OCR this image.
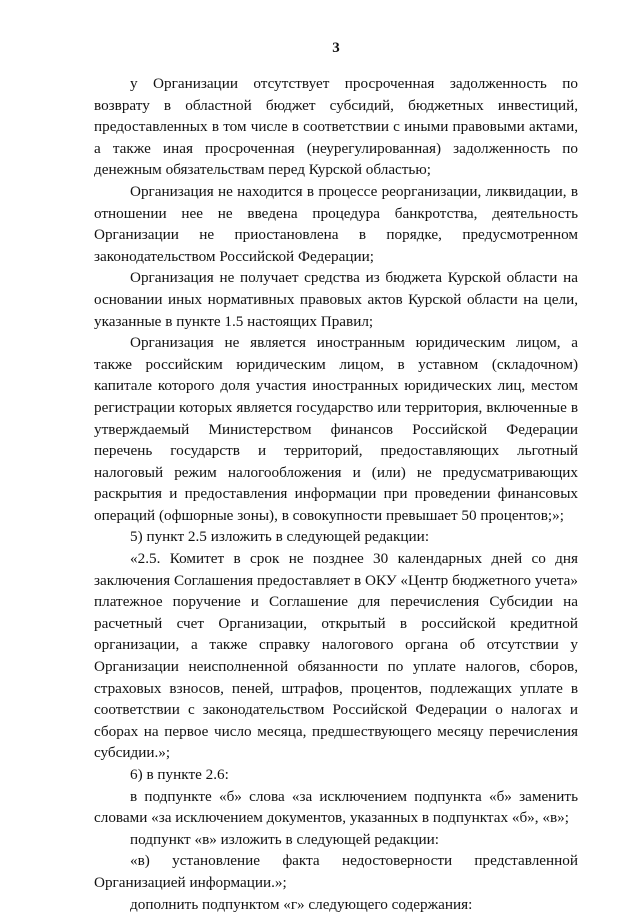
3

у Организации отсутствует просроченная задолженность по возврату в областной бюджет субсидий, бюджетных инвестиций, предоставленных в том числе в соответствии с иными правовыми актами, а также иная просроченная (неурегулированная) задолженность по денежным обязательствам перед Курской областью;

Организация не находится в процессе реорганизации, ликвидации, в отношении нее не введена процедура банкротства, деятельность Организации не приостановлена в порядке, предусмотренном законодательством Российской Федерации;

Организация не получает средства из бюджета Курской области на основании иных нормативных правовых актов Курской области на цели, указанные в пункте 1.5 настоящих Правил;

Организация не является иностранным юридическим лицом, а также российским юридическим лицом, в уставном (складочном) капитале которого доля участия иностранных юридических лиц, местом регистрации которых является государство или территория, включенные в утверждаемый Министерством финансов Российской Федерации перечень государств и территорий, предоставляющих льготный налоговый режим налогообложения и (или) не предусматривающих раскрытия и предоставления информации при проведении финансовых операций (офшорные зоны), в совокупности превышает 50 процентов;»;

5) пункт 2.5 изложить в следующей редакции:

«2.5. Комитет в срок не позднее 30 календарных дней со дня заключения Соглашения предоставляет в ОКУ «Центр бюджетного учета» платежное поручение и Соглашение для перечисления Субсидии на расчетный счет Организации, открытый в российской кредитной организации, а также справку налогового органа об отсутствии у Организации неисполненной обязанности по уплате налогов, сборов, страховых взносов, пеней, штрафов, процентов, подлежащих уплате в соответствии с законодательством Российской Федерации о налогах и сборах на первое число месяца, предшествующего месяцу перечисления субсидии.»;

6) в пункте 2.6:

в подпункте «б» слова «за исключением подпункта «б» заменить словами «за исключением документов, указанных в подпунктах «б», «в»;

подпункт «в» изложить в следующей редакции:

«в) установление факта недостоверности представленной Организацией информации.»;

дополнить подпунктом «г» следующего содержания:
